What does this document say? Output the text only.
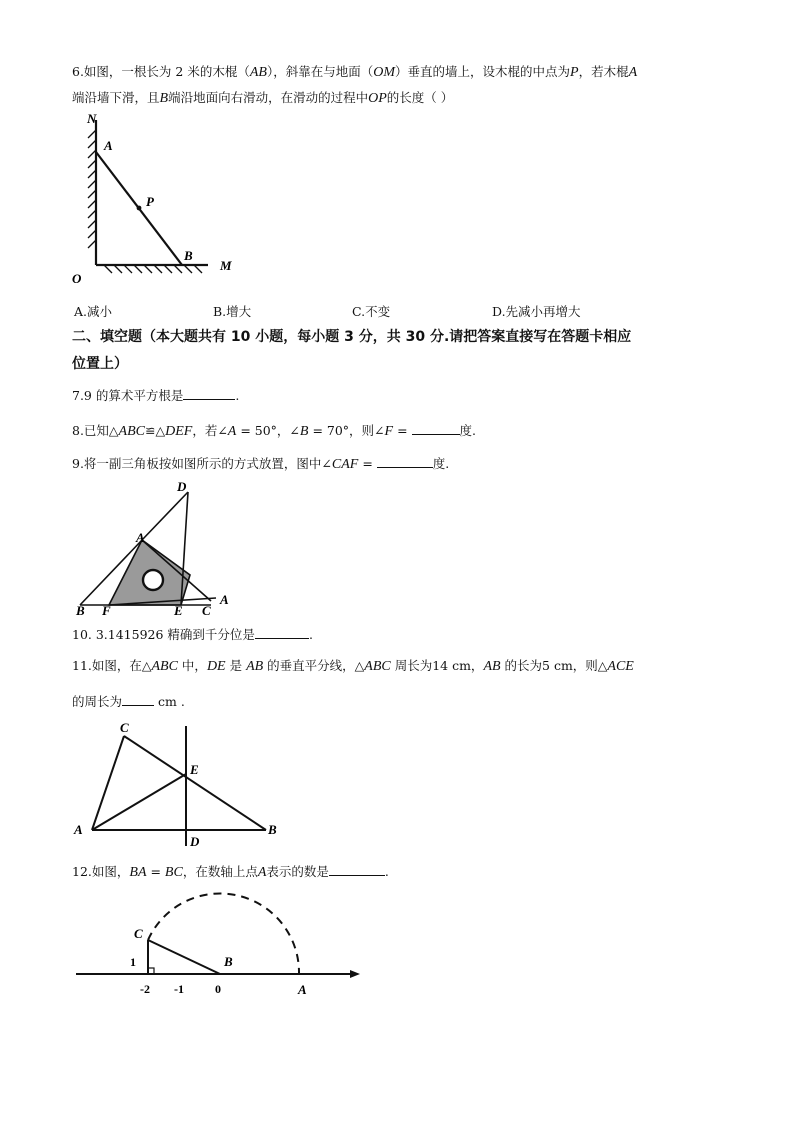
6.如图，一根长为 2 米的木棍（AB），斜靠在与地面（OM）垂直的墙上，设木棍的中点为P，若木棍A
端沿墙下滑，且B端沿地面向右滑动，在滑动的过程中OP的长度（ ）
N
A
P
B
O
M
A.减小	B.增大	C.不变	D.先减小再增大
二、填空题（本大题共有 10 小题，每小题 3 分，共 30 分.请把答案直接写在答题卡相应
位置上）
7.9 的算术平方根是	.
8.已知△ABC≌△DEF，若∠A = 50°，∠B = 70°，则∠F =	度.
9.将一副三角板按如图所示的方式放置，图中∠CAF =	度.
D
A
B F	E C
A
10. 3.1415926 精确到千分位是	.
11.如图，在△ABC 中，DE 是 AB 的垂直平分线，△ABC 周长为14 cm，AB 的长为5 cm，则△ACE
的周长为	cm .
C
E
A
D
B
12.如图，BA = BC，在数轴上点A表示的数是	.
C
B
A
1
-2 -1	0
